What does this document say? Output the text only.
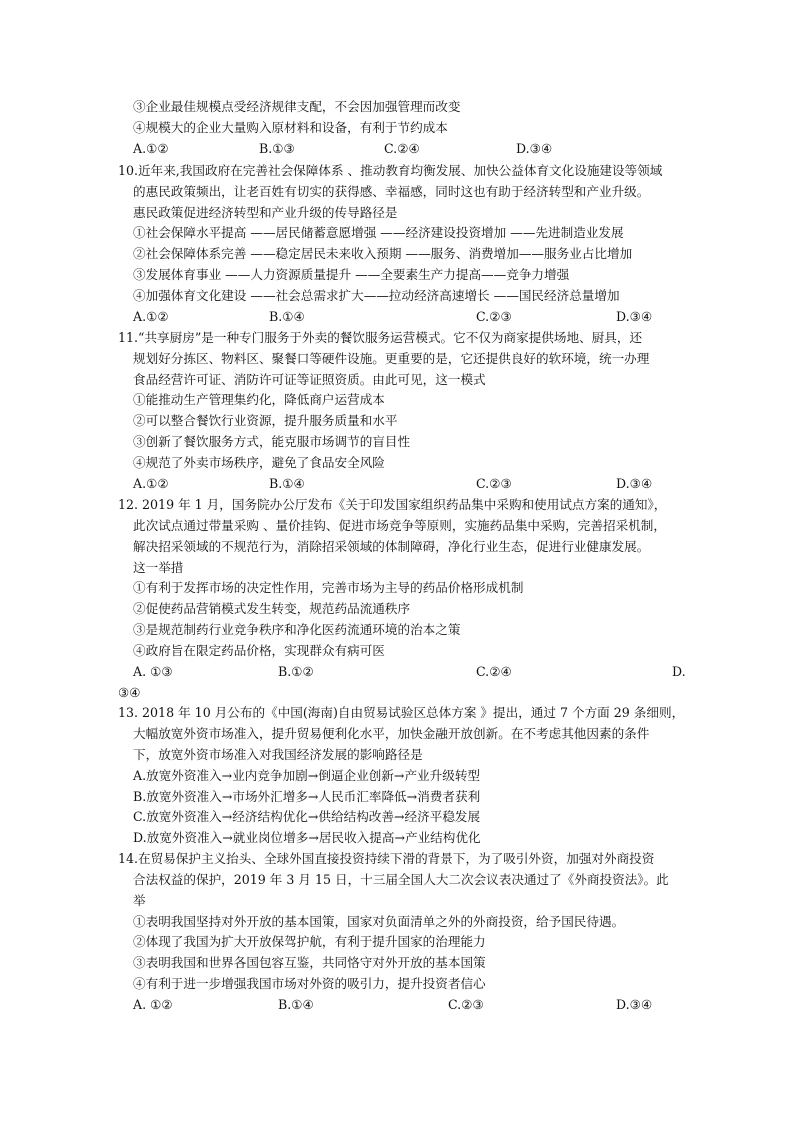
③企业最佳规模点受经济规律支配，不会因加强管理而改变
④规模大的企业大量购入原材料和设备，有利于节约成本
A.①②	B.①③	C.②④	D.③④
10.近年来,我国政府在完善社会保障体系 、推动教育均衡发展、加快公益体育文化设施建设等领域
的惠民政策频出，让老百姓有切实的获得感、幸福感，同时这也有助于经济转型和产业升级。
惠民政策促进经济转型和产业升级的传导路径是
①社会保障水平提高 ——居民储蓄意愿增强 ——经济建设投资增加 ——先进制造业发展
②社会保障体系完善 ——稳定居民未来收入预期 ——服务、消费增加——服务业占比增加
③发展体育事业 ——人力资源质量提升 ——全要素生产力提高——竞争力增强
④加强体育文化建设 ——社会总需求扩大——拉动经济高速增长 ——国民经济总量增加
A.①②	B.①④	C.②③	D.③④
11.“共享厨房”是一种专门服务于外卖的餐饮服务运营模式。它不仅为商家提供场地、厨具，还
规划好分拣区、物料区、聚餐口等硬件设施。更重要的是，它还提供良好的软环境，统一办理
食品经营许可证、消防许可证等证照资质。由此可见，这一模式
①能推动生产管理集约化，降低商户运营成本
②可以整合餐饮行业资源，提升服务质量和水平
③创新了餐饮服务方式，能克服市场调节的盲目性
④规范了外卖市场秩序，避免了食品安全风险
A.①②	B.①④	C.②③	D.③④
12. 2019 年 1 月，国务院办公厅发布《关于印发国家组织药品集中采购和使用试点方案的通知》，
此次试点通过带量采购 、量价挂钩、促进市场竞争等原则，实施药品集中采购，完善招采机制，
解决招采领域的不规范行为，消除招采领域的体制障碍，净化行业生态，促进行业健康发展。
这一举措
①有利于发挥市场的决定性作用，完善市场为主导的药品价格形成机制
②促使药品营销模式发生转变，规范药品流通秩序
③是规范制药行业竞争秩序和净化医药流通环境的治本之策
④政府旨在限定药品价格，实现群众有病可医
A. ①③	B.①②	C.②④	D.
③④
13. 2018 年 10 月公布的《中国(海南)自由贸易试验区总体方案 》提出，通过 7 个方面 29 条细则，
大幅放宽外资市场准入，提升贸易便利化水平，加快金融开放创新。在不考虑其他因素的条件
下，放宽外资市场准入对我国经济发展的影响路径是
A.放宽外资准入→业内竞争加剧→倒逼企业创新→产业升级转型
B.放宽外资准入→市场外汇增多→人民币汇率降低→消费者获利
C.放宽外资准入→经济结构优化→供给结构改善→经济平稳发展
D.放宽外资准入→就业岗位增多→居民收入提高→产业结构优化
14.在贸易保护主义抬头、全球外国直接投资持续下滑的背景下，为了吸引外资，加强对外商投资
合法权益的保护，2019 年 3 月 15 日，十三届全国人大二次会议表决通过了《外商投资法》。此
举
①表明我国坚持对外开放的基本国策，国家对负面清单之外的外商投资，给予国民待遇。
②体现了我国为扩大开放保驾护航，有利于提升国家的治理能力
③表明我国和世界各国包容互鉴，共同恪守对外开放的基本国策
④有利于进一步增强我国市场对外资的吸引力，提升投资者信心
A. ①②	B.①④	C.②③	D.③④
